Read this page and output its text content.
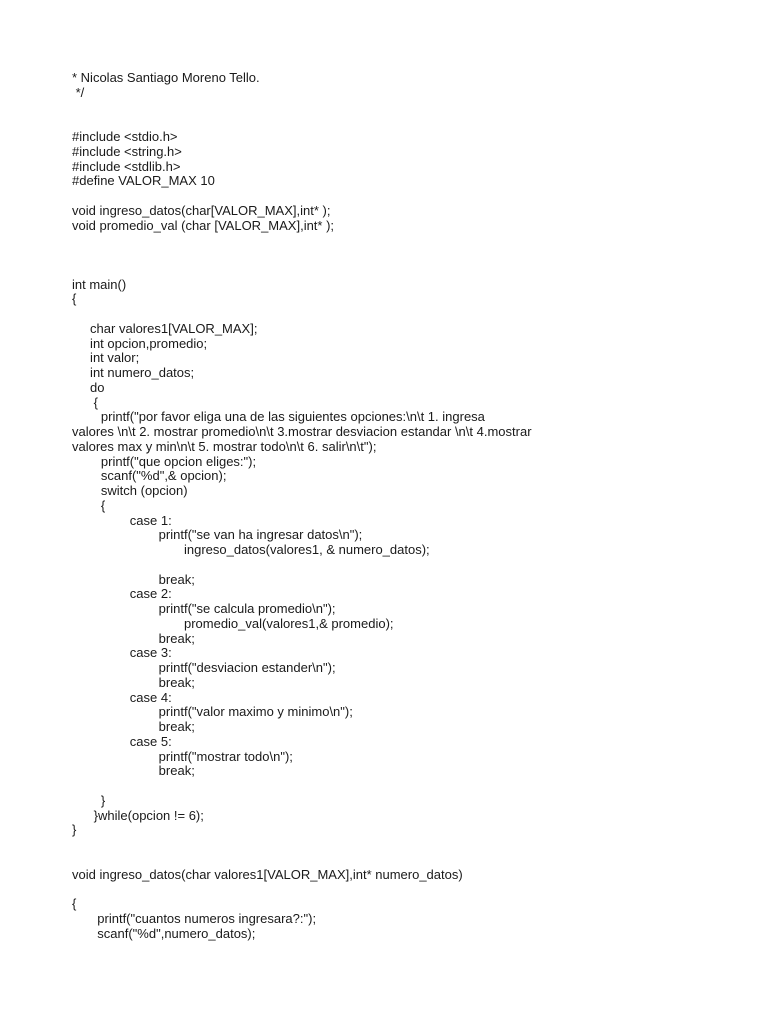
* Nicolas Santiago Moreno Tello.
*/
#include <stdio.h>
#include <string.h>
#include <stdlib.h>
#define VALOR_MAX 10
void ingreso_datos(char[VALOR_MAX],int* );
void promedio_val (char [VALOR_MAX],int* );
int main()
{
char valores1[VALOR_MAX];
int opcion,promedio;
int valor;
int numero_datos;
do
{
printf("por favor eliga una de las siguientes opciones:\n\t 1. ingresa
valores \n\t 2. mostrar promedio\n\t 3.mostrar desviacion estandar \n\t 4.mostrar
valores max y min\n\t 5. mostrar todo\n\t 6. salir\n\t");
printf("que opcion eliges:");
scanf("%d",& opcion);
switch (opcion)
{
case 1:
printf("se van ha ingresar datos\n");
ingreso_datos(valores1, & numero_datos);
break;
case 2:
printf("se calcula promedio\n");
promedio_val(valores1,& promedio);
break;
case 3:
printf("desviacion estander\n");
break;
case 4:
printf("valor maximo y minimo\n");
break;
case 5:
printf("mostrar todo\n");
break;
}
}while(opcion != 6);
}
void ingreso_datos(char valores1[VALOR_MAX],int* numero_datos)
{
printf("cuantos numeros ingresara?:");
scanf("%d",numero_datos);
